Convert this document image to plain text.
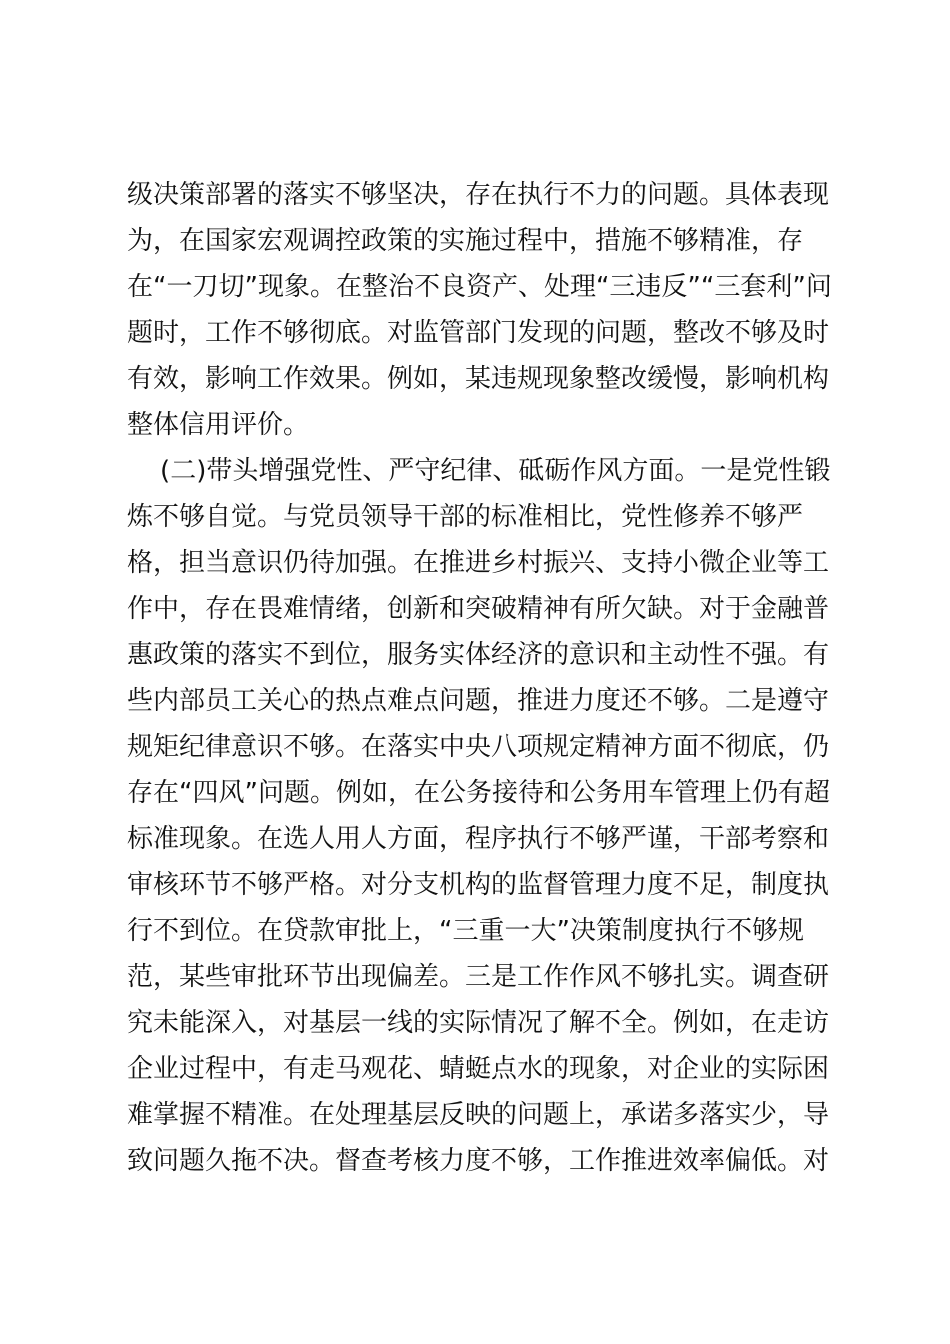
级决策部署的落实不够坚决，存在执行不力的问题。具体表现
为，在国家宏观调控政策的实施过程中，措施不够精准，存
在“一刀切”现象。在整治不良资产、处理“三违反”“三套利”问
题时，工作不够彻底。对监管部门发现的问题，整改不够及时
有效，影响工作效果。例如，某违规现象整改缓慢，影响机构
整体信用评价。
(二)带头增强党性、严守纪律、砥砺作风方面。一是党性锻
炼不够自觉。与党员领导干部的标准相比，党性修养不够严
格，担当意识仍待加强。在推进乡村振兴、支持小微企业等工
作中，存在畏难情绪，创新和突破精神有所欠缺。对于金融普
惠政策的落实不到位，服务实体经济的意识和主动性不强。有
些内部员工关心的热点难点问题，推进力度还不够。二是遵守
规矩纪律意识不够。在落实中央八项规定精神方面不彻底，仍
存在“四风”问题。例如，在公务接待和公务用车管理上仍有超
标准现象。在选人用人方面，程序执行不够严谨，干部考察和
审核环节不够严格。对分支机构的监督管理力度不足，制度执
行不到位。在贷款审批上，“三重一大”决策制度执行不够规
范，某些审批环节出现偏差。三是工作作风不够扎实。调查研
究未能深入，对基层一线的实际情况了解不全。例如，在走访
企业过程中，有走马观花、蜻蜓点水的现象，对企业的实际困
难掌握不精准。在处理基层反映的问题上，承诺多落实少，导
致问题久拖不决。督查考核力度不够，工作推进效率偏低。对
